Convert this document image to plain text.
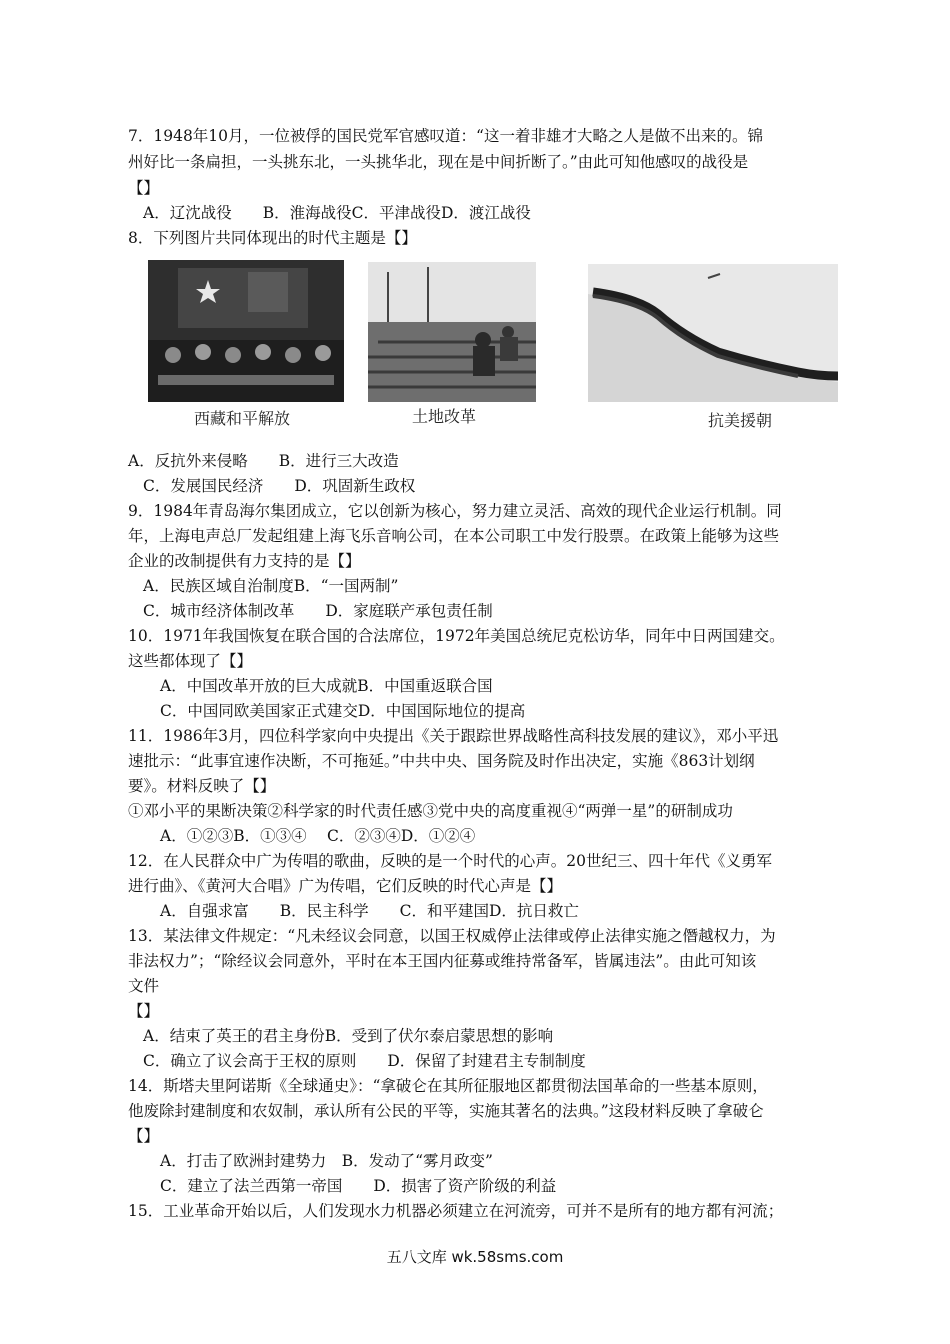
7．1948年10月，一位被俘的国民党军官感叹道：“这一着非雄才大略之人是做不出来的。锦
州好比一条扁担，一头挑东北，一头挑华北，现在是中间折断了。”由此可知他感叹的战役是
【】
A．辽沈战役　　B．淮海战役C．平津战役D．渡江战役
8．下列图片共同体现出的时代主题是【】
西藏和平解放	土地改革	抗美援朝
A．反抗外来侵略　　B．进行三大改造
C．发展国民经济　　D．巩固新生政权
9．1984年青岛海尔集团成立，它以创新为核心，努力建立灵活、高效的现代企业运行机制。同
年，上海电声总厂发起组建上海飞乐音响公司，在本公司职工中发行股票。在政策上能够为这些
企业的改制提供有力支持的是【】
A．民族区域自治制度B．“一国两制”
C．城市经济体制改革　　D．家庭联产承包责任制
10．1971年我国恢复在联合国的合法席位，1972年美国总统尼克松访华，同年中日两国建交。
这些都体现了【】
A．中国改革开放的巨大成就B．中国重返联合国
C．中国同欧美国家正式建交D．中国国际地位的提高
11．1986年3月，四位科学家向中央提出《关于跟踪世界战略性高科技发展的建议》，邓小平迅
速批示：“此事宜速作决断，不可拖延。”中共中央、国务院及时作出决定，实施《863计划纲
要》。材料反映了【】
①邓小平的果断决策②科学家的时代责任感③党中央的高度重视④“两弹一星”的研制成功
A．①②③B．①③④　 C．②③④D．①②④
12．在人民群众中广为传唱的歌曲，反映的是一个时代的心声。20世纪三、四十年代《义勇军
进行曲》、《黄河大合唱》广为传唱，它们反映的时代心声是【】
A．自强求富　　B．民主科学　　C．和平建国D．抗日救亡
13．某法律文件规定：“凡未经议会同意，以国王权威停止法律或停止法律实施之僭越权力，为
非法权力”；“除经议会同意外，平时在本王国内征募或维持常备军，皆属违法”。由此可知该
文件
【】
A．结束了英王的君主身份B．受到了伏尔泰启蒙思想的影响
C．确立了议会高于王权的原则　　D．保留了封建君主专制制度
14．斯塔夫里阿诺斯《全球通史》：“拿破仑在其所征服地区都贯彻法国革命的一些基本原则，
他废除封建制度和农奴制，承认所有公民的平等，实施其著名的法典。”这段材料反映了拿破仑
【】
A．打击了欧洲封建势力　B．发动了“雾月政变”
C．建立了法兰西第一帝国　　D．损害了资产阶级的利益
15．工业革命开始以后，人们发现水力机器必须建立在河流旁，可并不是所有的地方都有河流；
五八文库 wk.58sms.com
